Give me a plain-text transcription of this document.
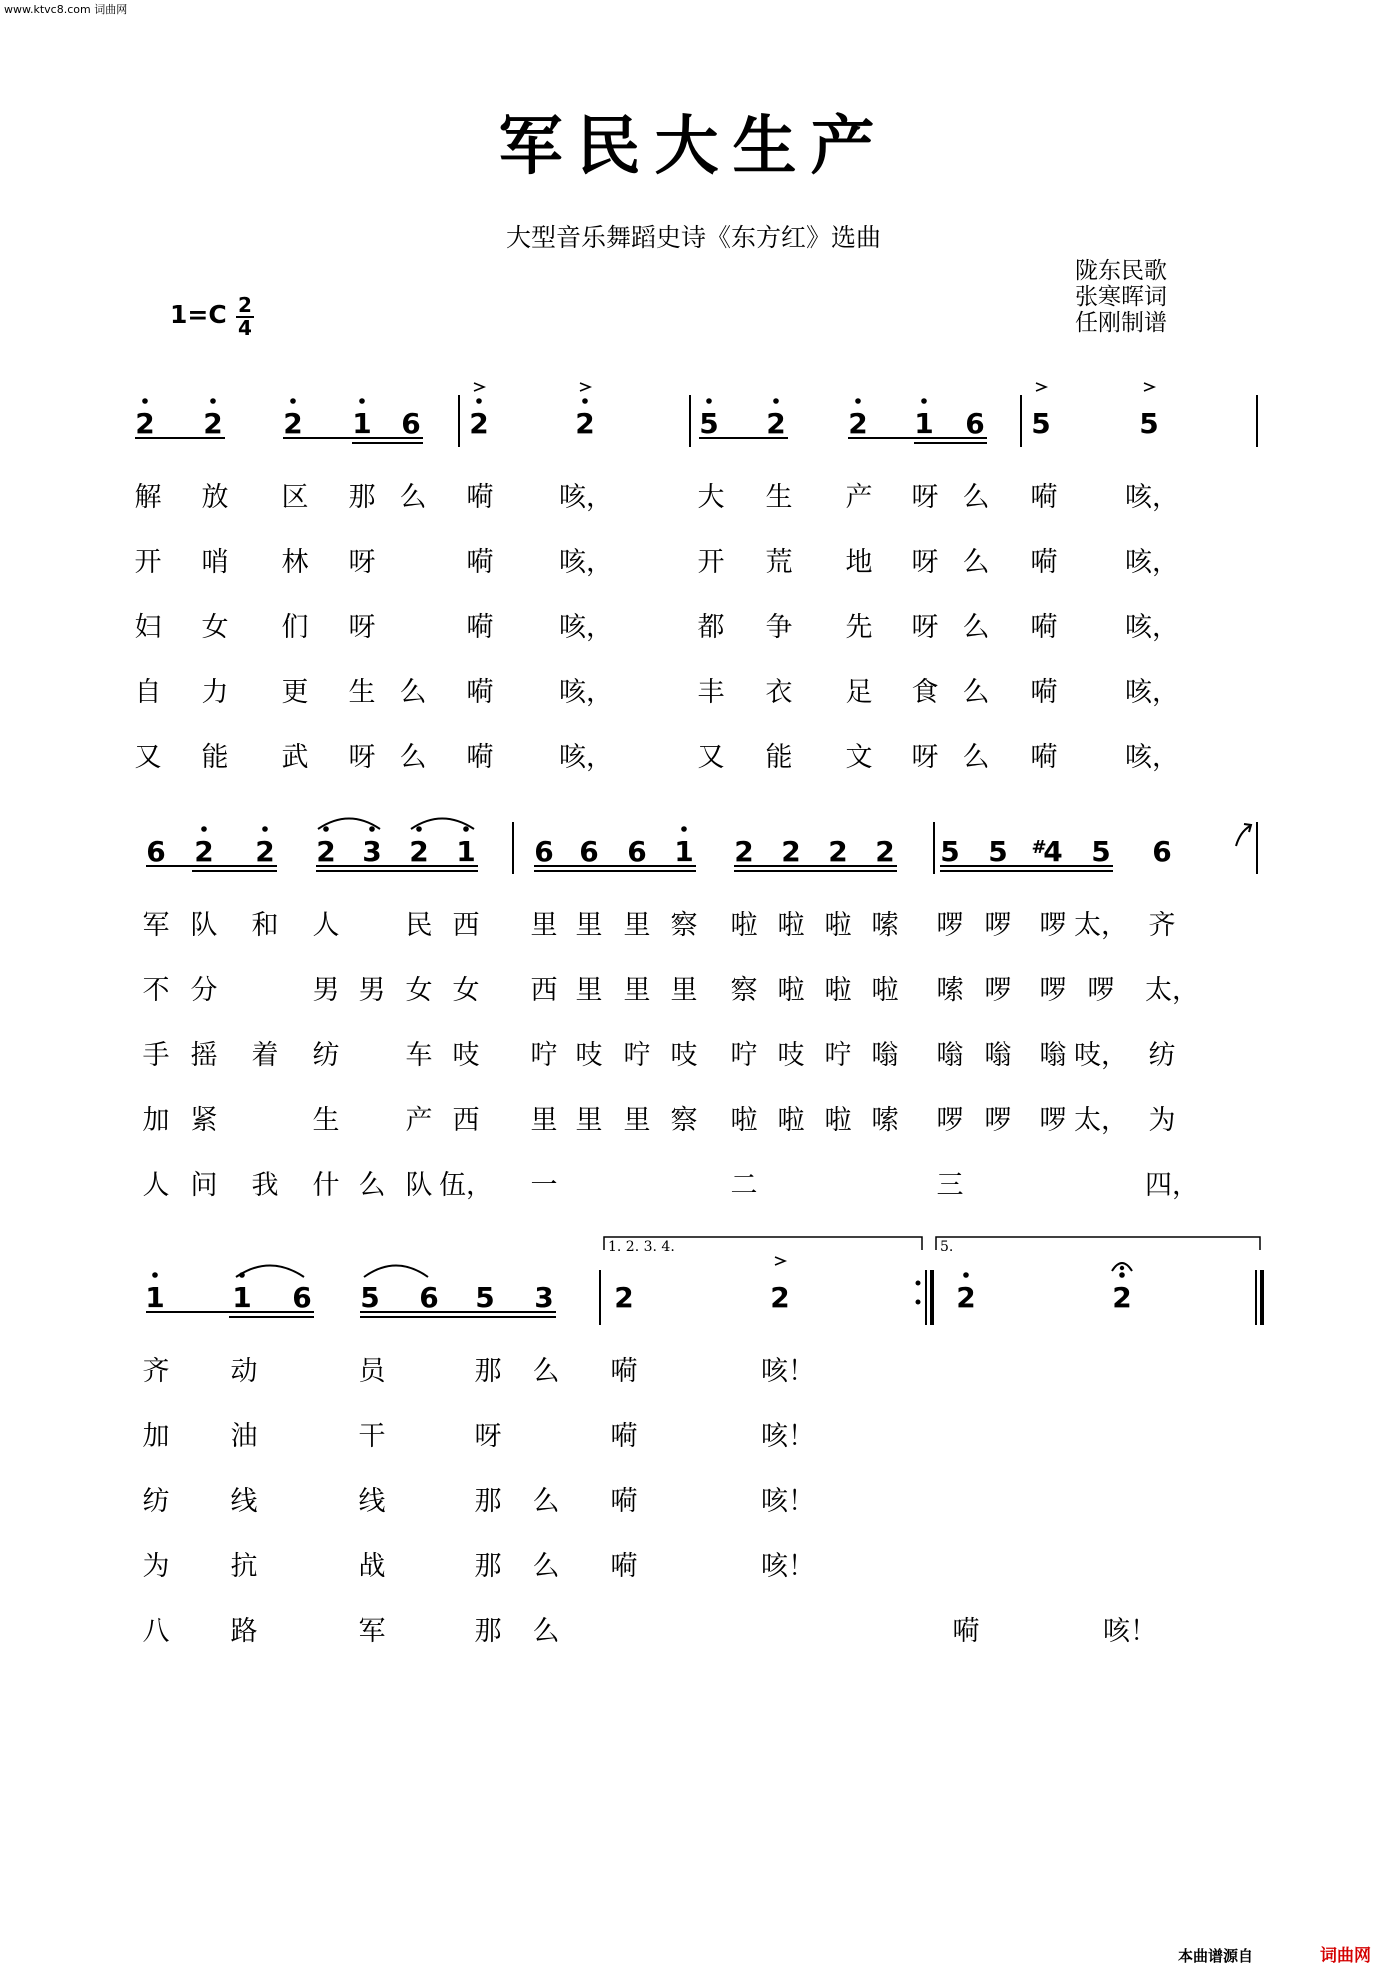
www.ktvc8.com 词曲网
军民大生产
大型音乐舞蹈史诗《东方红》选曲
陇东民歌
张寒晖词
任刚制谱
1=C 2
4
1. 2. 3. 4.	5.
2 2 2 1 6 2	2	5 2 2 1 6 5	5
6 2 2 2 3 2 1 6 6 6 1 2 2 2 2 5 5 4
# 5 6
1 1 6 5 6 5 3 2	2	2	2
解 放 区 那 么 嗬 咳，	大 生 产 呀 么 嗬	咳，
开 哨 林 呀	嗬 咳，	开 荒 地 呀 么 嗬	咳，
妇 女 们 呀	嗬 咳，	都 争 先 呀 么 嗬	咳，
自 力 更 生 么 嗬 咳，	丰 衣 足 食 么 嗬	咳，
又 能 武 呀 么 嗬 咳，	又 能 文 呀 么 嗬	咳，
军 队 和 人 民 西 里 里 里 察 啦 啦 啦 嗦 啰 啰 啰 太， 齐
不 分	男 男 女 女 西 里 里 里 察 啦 啦 啦 嗦 啰 啰 啰 太，
手 摇 着 纺 车 吱 咛 吱 咛 吱 咛 吱 咛 嗡 嗡 嗡 嗡 吱， 纺
加 紧	生 产 西 里 里 里 察 啦 啦 啦 嗦 啰 啰 啰 太， 为
人 问 我 什 么 队 伍， 一	二	三	四，
齐 动	员	那 么 嗬	咳！
加 油	干	呀	嗬	咳！
纺 线	线	那 么 嗬	咳！
为 抗	战	那 么 嗬	咳！
八 路	军	那 么	嗬	咳！
本曲谱源自	词曲网
